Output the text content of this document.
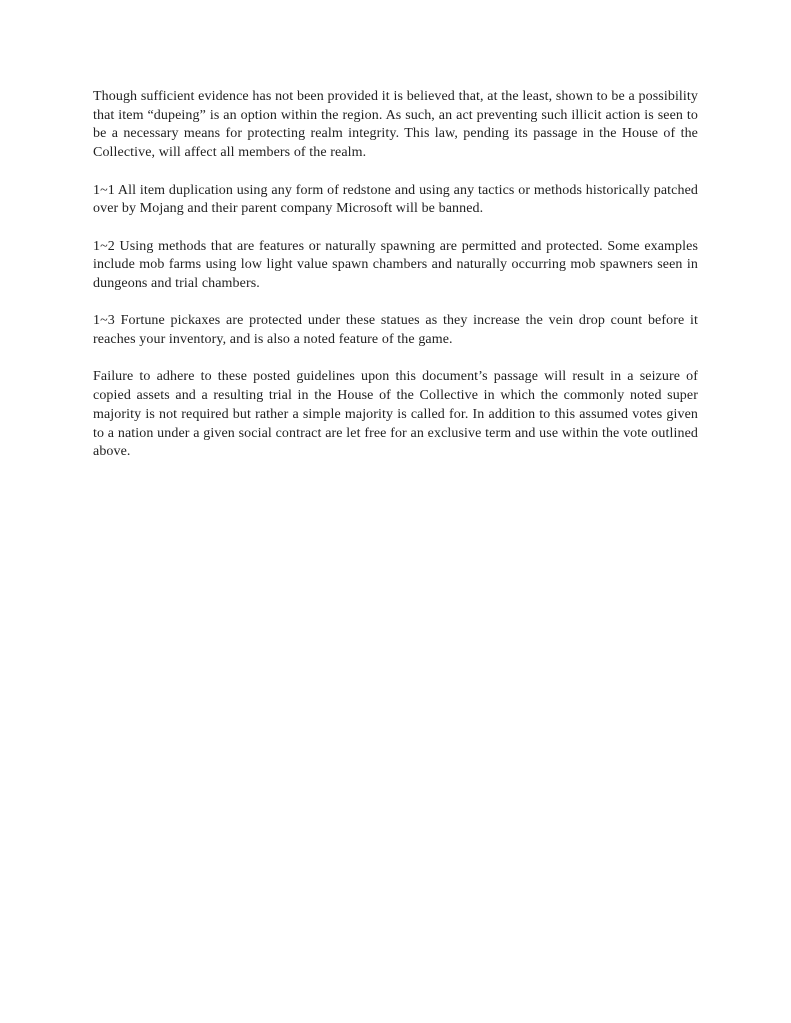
Though sufficient evidence has not been provided it is believed that, at the least, shown to be a possibility that item “dupeing” is an option within the region. As such, an act preventing such illicit action is seen to be a necessary means for protecting realm integrity. This law, pending its passage in the House of the Collective, will affect all members of the realm.

1~1 All item duplication using any form of redstone and using any tactics or methods historically patched over by Mojang and their parent company Microsoft will be banned.

1~2 Using methods that are features or naturally spawning are permitted and protected. Some examples include mob farms using low light value spawn chambers and naturally occurring mob spawners seen in dungeons and trial chambers.

1~3 Fortune pickaxes are protected under these statues as they increase the vein drop count before it reaches your inventory, and is also a noted feature of the game.

Failure to adhere to these posted guidelines upon this document’s passage will result in a seizure of copied assets and a resulting trial in the House of the Collective in which the commonly noted super majority is not required but rather a simple majority is called for. In addition to this assumed votes given to a nation under a given social contract are let free for an exclusive term and use within the vote outlined above.
